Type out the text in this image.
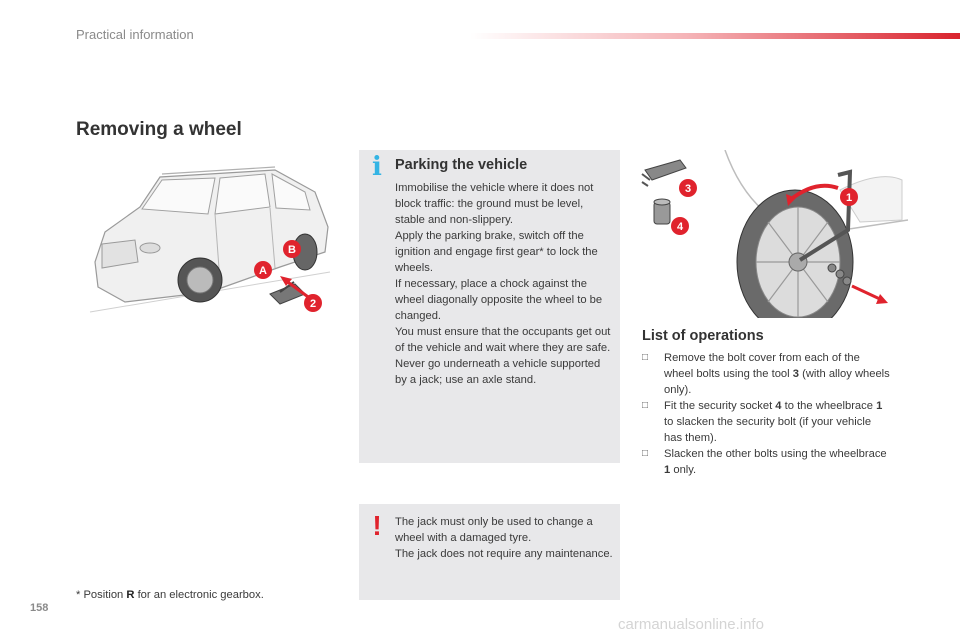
Practical information
Removing a wheel
A
B
2
i Parking the vehicle

Immobilise the vehicle where it does not block traffic: the ground must be level, stable and non-slippery.

Apply the parking brake, switch off the ignition and engage first gear* to lock the wheels.

If necessary, place a chock against the wheel diagonally opposite the wheel to be changed.

You must ensure that the occupants get out of the vehicle and wait where they are safe.

Never go underneath a vehicle supported by a jack; use an axle stand.

3
4
1
List of operations
□	Remove the bolt cover from each of the wheel bolts using the tool 3 (with alloy wheels only).
□	Fit the security socket 4 to the wheelbrace 1 to slacken the security bolt (if your vehicle has them).
□	Slacken the other bolts using the wheelbrace 1 only.
!	The jack must only be used to change a wheel with a damaged tyre.

The jack does not require any maintenance.

* Position R for an electronic gearbox.
158
carmanualsonline.info
